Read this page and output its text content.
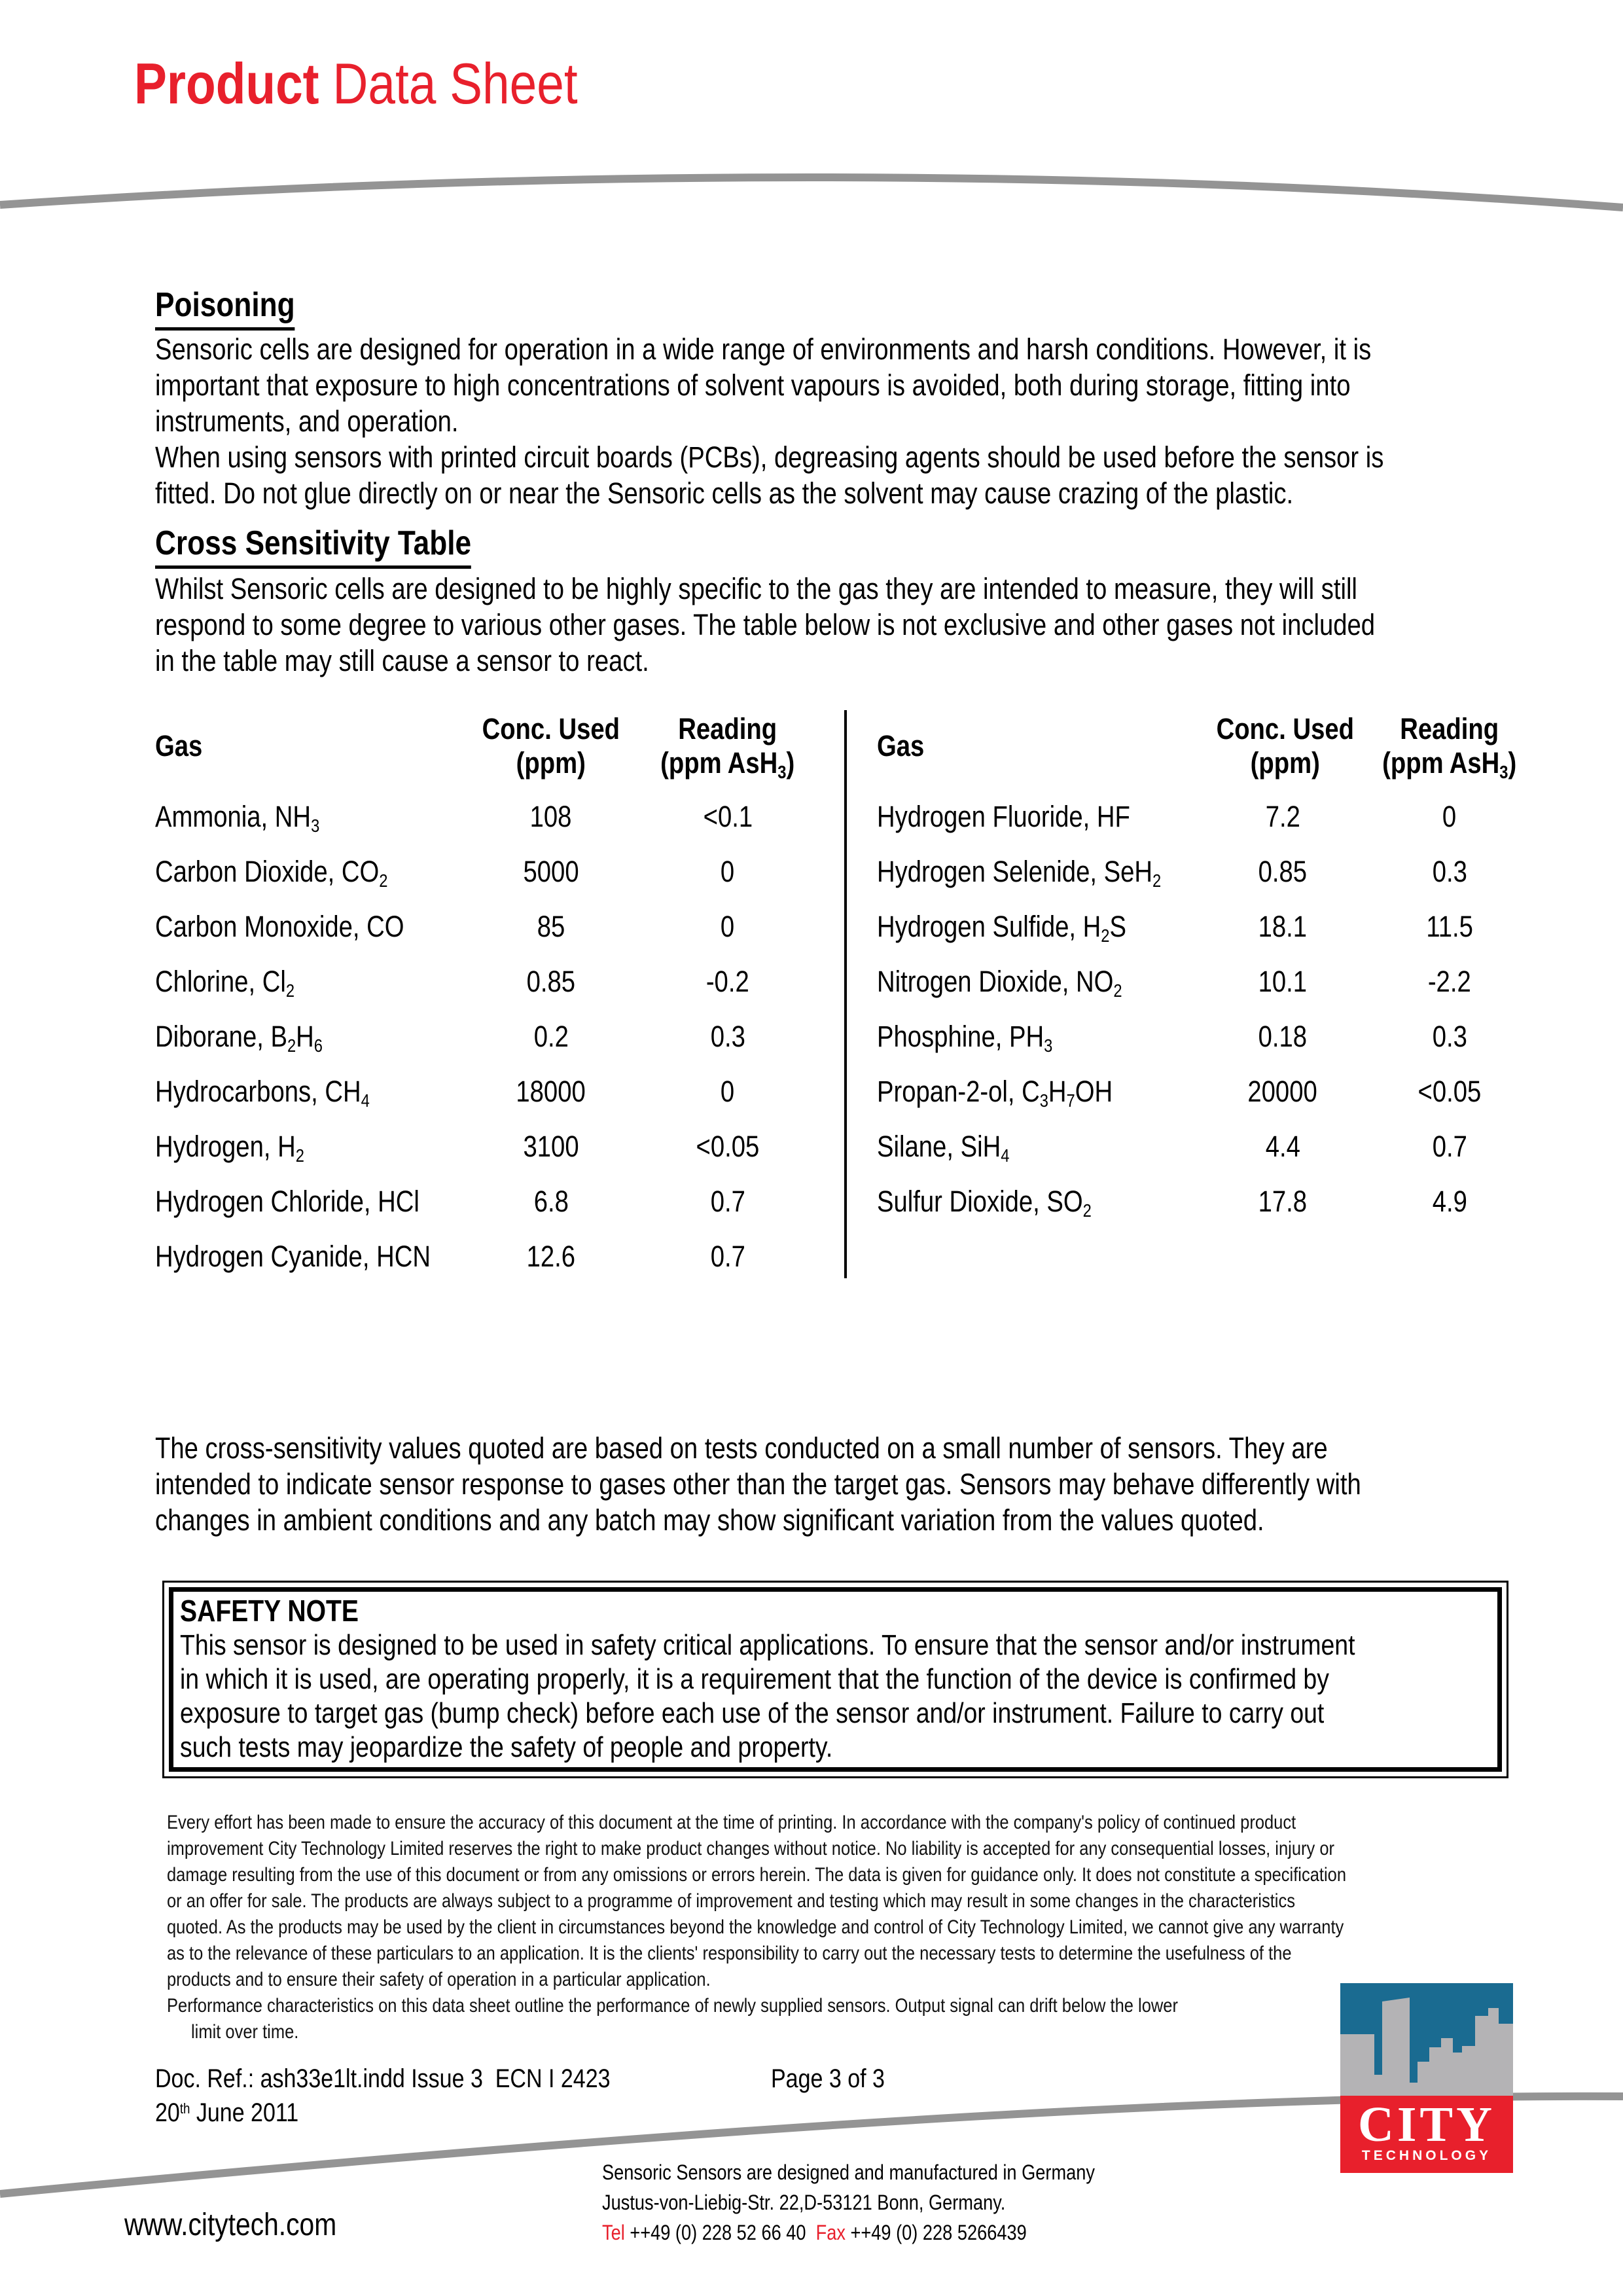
Product Data Sheet
Poisoning
Sensoric cells are designed for operation in a wide range of environments and harsh conditions. However, it is
important that exposure to high concentrations of solvent vapours is avoided, both during storage, fitting into
instruments, and operation.
When using sensors with printed circuit boards (PCBs), degreasing agents should be used before the sensor is
fitted. Do not glue directly on or near the Sensoric cells as the solvent may cause crazing of the plastic.
Cross Sensitivity Table
Whilst Sensoric cells are designed to be highly specific to the gas they are intended to measure, they will still
respond to some degree to various other gases. The table below is not exclusive and other gases not included
in the table may still cause a sensor to react.
Gas
Conc. Used
(ppm)
Reading
(ppm AsH$_3$)
Ammonia, $NH_3$	108	<0.1
Carbon Dioxide, $CO_2$	5000	0
Carbon Monoxide, CO	85	0
Chlorine, $Cl_2$	0.85	-0.2
Diborane, $B_2H_6$	0.2	0.3
Hydrocarbons, $CH_4$	18000	0
Hydrogen, $H_2$	3100	<0.05
Hydrogen Chloride, HCl	6.8	0.7
Hydrogen Cyanide, HCN	12.6	0.7
Gas
Conc. Used
(ppm)
Reading
(ppm AsH$_3$)
Hydrogen Fluoride, HF	7.2	0
Hydrogen Selenide, SeH$_2$	0.85	0.3
Hydrogen Sulfide, $H_2S$	18.1	11.5
Nitrogen Dioxide, $NO_2$	10.1	-2.2
Phosphine, $PH_3$	0.18	0.3
Propan-2-ol, $C_3H_7OH$	20000	<0.05
Silane, SiH$_4$	4.4	0.7
Sulfur Dioxide, $SO_2$	17.8	4.9
The cross-sensitivity values quoted are based on tests conducted on a small number of sensors. They are
intended to indicate sensor response to gases other than the target gas. Sensors may behave differently with
changes in ambient conditions and any batch may show significant variation from the values quoted.
SAFETY NOTE
This sensor is designed to be used in safety critical applications. To ensure that the sensor and/or instrument
in which it is used, are operating properly, it is a requirement that the function of the device is confirmed by
exposure to target gas (bump check) before each use of the sensor and/or instrument. Failure to carry out
such tests may jeopardize the safety of people and property.
Every effort has been made to ensure the accuracy of this document at the time of printing. In accordance with the company's policy of continued product
improvement City Technology Limited reserves the right to make product changes without notice. No liability is accepted for any consequential losses, injury or
damage resulting from the use of this document or from any omissions or errors herein. The data is given for guidance only. It does not constitute a specification
or an offer for sale. The products are always subject to a programme of improvement and testing which may result in some changes in the characteristics
quoted. As the products may be used by the client in circumstances beyond the knowledge and control of City Technology Limited, we cannot give any warranty
as to the relevance of these particulars to an application. It is the clients' responsibility to carry out the necessary tests to determine the usefulness of the
products and to ensure their safety of operation in a particular application.
Performance characteristics on this data sheet outline the performance of newly supplied sensors. Output signal can drift below the lower
limit over time.
Doc. Ref.: ash33e1lt.indd Issue 3  ECN I 2423	Page 3 of 3
20th June 2011	CITY
TECHNOLOGY
www.citytech.com
Sensoric Sensors are designed and manufactured in Germany
Justus-von-Liebig-Str. 22,D-53121 Bonn, Germany.
Tel ++49 (0) 228 52 66 40  Fax ++49 (0) 228 5266439
